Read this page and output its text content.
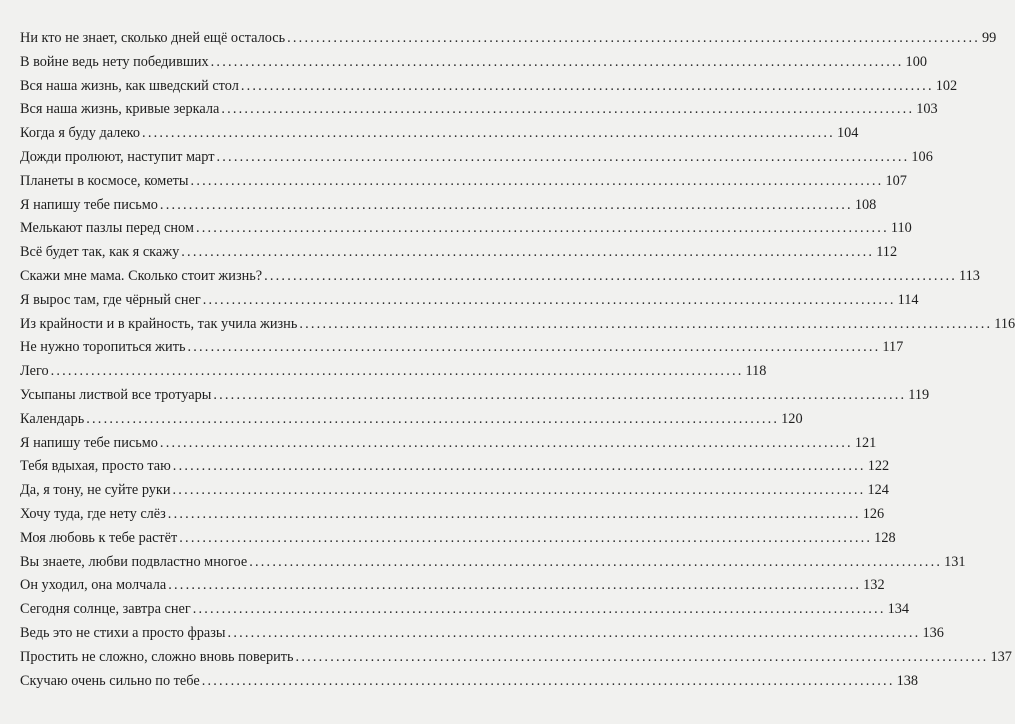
Ни кто не знает, сколько дней ещё осталось ........................................................................................................................ 99
В войне ведь нету победивших ........................................................................................................................ 100
Вся наша жизнь, как шведский стол ........................................................................................................................ 102
Вся наша жизнь, кривые зеркала ........................................................................................................................ 103
Когда я буду далеко ........................................................................................................................ 104
Дожди пролюют, наступит март ........................................................................................................................ 106
Планеты в космосе, кометы ........................................................................................................................ 107
Я напишу тебе письмо ........................................................................................................................ 108
Мелькают пазлы перед сном ........................................................................................................................ 110
Всё будет так, как я скажу ........................................................................................................................ 112
Скажи мне мама. Сколько стоит жизнь? ........................................................................................................................ 113
Я вырос там, где чёрный снег ........................................................................................................................ 114
Из крайности и в крайность, так учила жизнь ........................................................................................................................ 116
Не нужно торопиться жить ........................................................................................................................ 117
Лего ........................................................................................................................ 118
Усыпаны листвой все тротуары ........................................................................................................................ 119
Календарь ........................................................................................................................ 120
Я напишу тебе письмо ........................................................................................................................ 121
Тебя вдыхая, просто таю ........................................................................................................................ 122
Да, я тону, не суйте руки ........................................................................................................................ 124
Хочу туда, где нету слёз ........................................................................................................................ 126
Моя любовь к тебе растёт ........................................................................................................................ 128
Вы знаете, любви подвластно многое ........................................................................................................................ 131
Он уходил, она молчала ........................................................................................................................ 132
Сегодня солнце, завтра снег ........................................................................................................................ 134
Ведь это не стихи а просто фразы ........................................................................................................................ 136
Простить не сложно, сложно вновь поверить ........................................................................................................................ 137
Скучаю очень сильно по тебе ........................................................................................................................ 138
